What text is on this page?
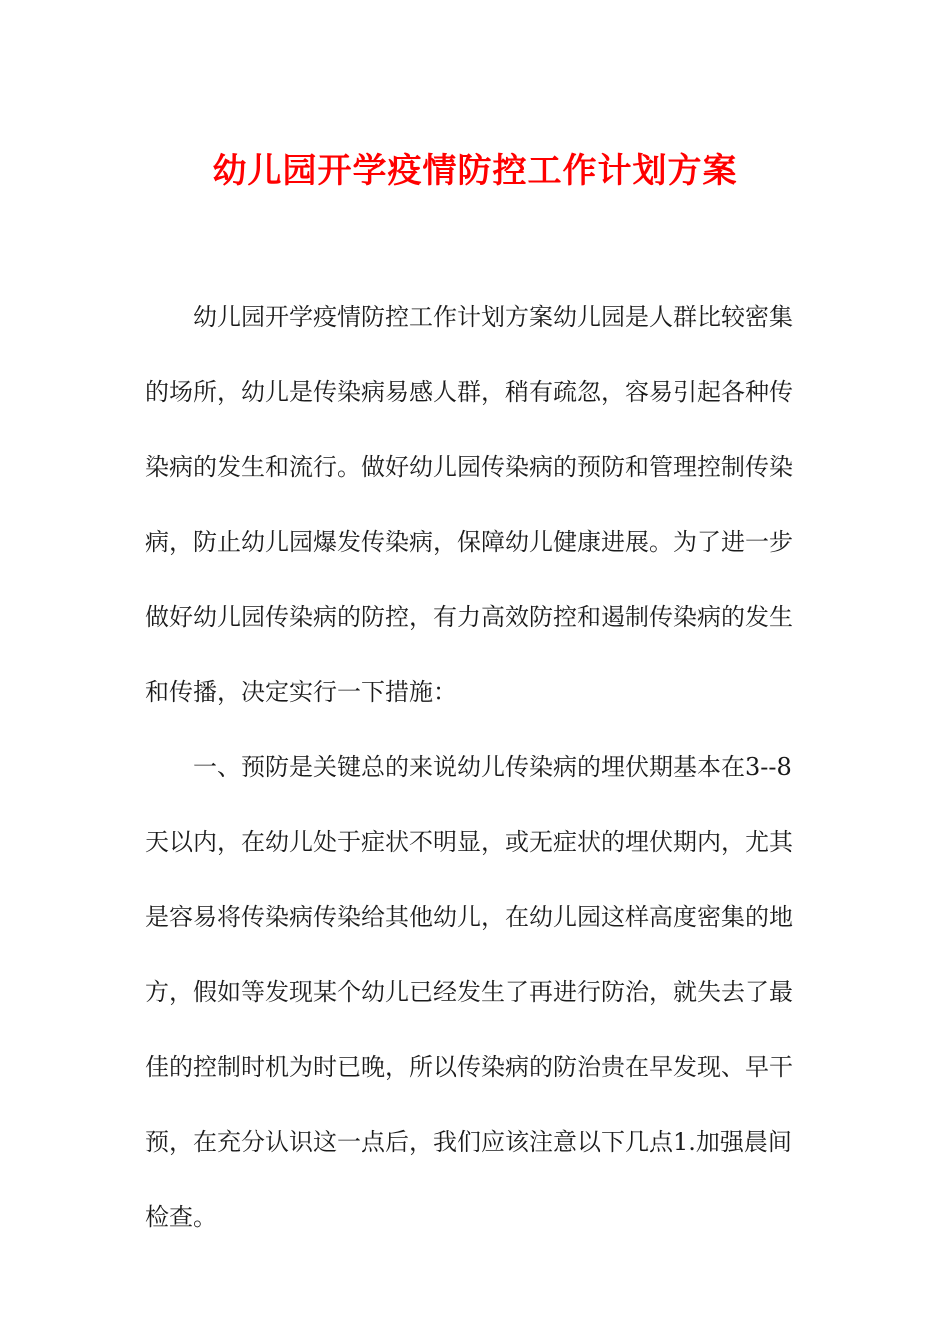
幼儿园开学疫情防控工作计划方案
幼儿园开学疫情防控工作计划方案幼儿园是人群比较密集
的场所，幼儿是传染病易感人群，稍有疏忽，容易引起各种传
染病的发生和流行。做好幼儿园传染病的预防和管理控制传染
病，防止幼儿园爆发传染病，保障幼儿健康进展。为了进一步
做好幼儿园传染病的防控，有力高效防控和遏制传染病的发生
和传播，决定实行一下措施：
一、预防是关键总的来说幼儿传染病的埋伏期基本在3--8
天以内，在幼儿处于症状不明显，或无症状的埋伏期内，尤其
是容易将传染病传染给其他幼儿，在幼儿园这样高度密集的地
方，假如等发现某个幼儿已经发生了再进行防治，就失去了最
佳的控制时机为时已晚，所以传染病的防治贵在早发现、早干
预，在充分认识这一点后，我们应该注意以下几点1.加强晨间
检查。
